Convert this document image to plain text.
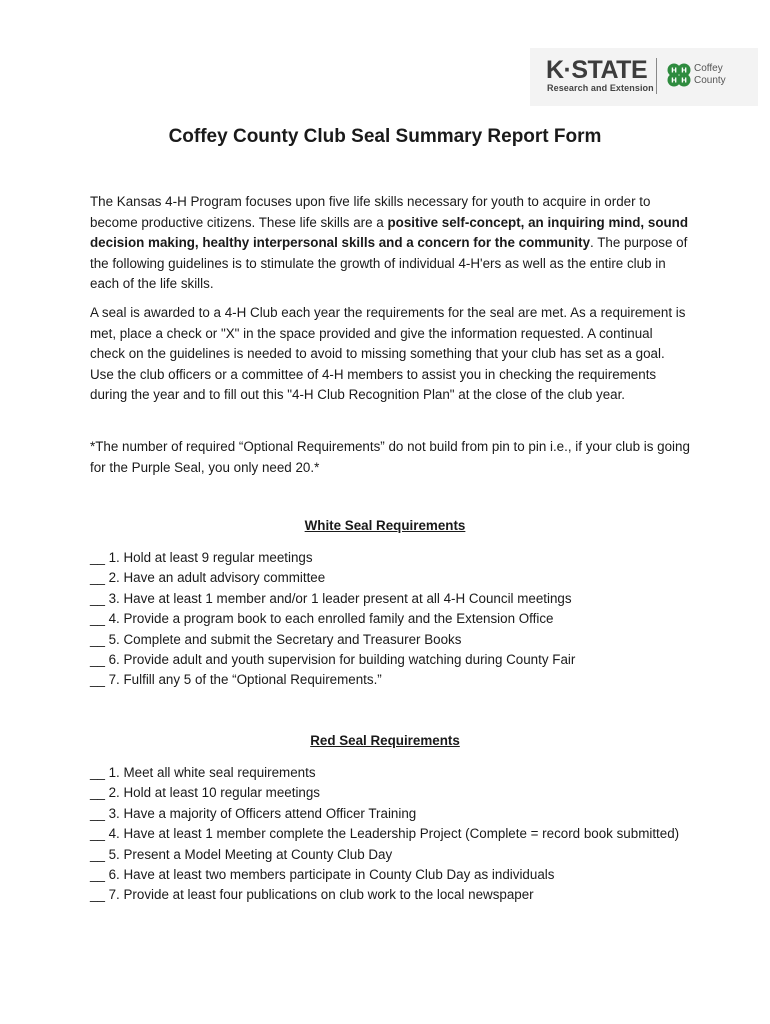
K·STATE
Research and Extension
H H
H H
Coffey
County
Coffey County Club Seal Summary Report Form

The Kansas 4-H Program focuses upon five life skills necessary for youth to acquire in order to become productive citizens. These life skills are a positive self-concept, an inquiring mind, sound decision making, healthy interpersonal skills and a concern for the community. The purpose of the following guidelines is to stimulate the growth of individual 4-H'ers as well as the entire club in each of the life skills.

A seal is awarded to a 4-H Club each year the requirements for the seal are met. As a requirement is met, place a check or "X" in the space provided and give the information requested. A continual check on the guidelines is needed to avoid to missing something that your club has set as a goal. Use the club officers or a committee of 4-H members to assist you in checking the requirements during the year and to fill out this "4-H Club Recognition Plan" at the close of the club year.

*The number of required “Optional Requirements” do not build from pin to pin i.e., if your club is going for the Purple Seal, you only need 20.*

White Seal Requirements
__ 1. Hold at least 9 regular meetings
__ 2. Have an adult advisory committee
__ 3. Have at least 1 member and/or 1 leader present at all 4-H Council meetings
__ 4. Provide a program book to each enrolled family and the Extension Office
__ 5. Complete and submit the Secretary and Treasurer Books
__ 6. Provide adult and youth supervision for building watching during County Fair
__ 7. Fulfill any 5 of the “Optional Requirements.”
Red Seal Requirements
__ 1. Meet all white seal requirements
__ 2. Hold at least 10 regular meetings
__ 3. Have a majority of Officers attend Officer Training
__ 4. Have at least 1 member complete the Leadership Project (Complete = record book submitted)
__ 5. Present a Model Meeting at County Club Day
__ 6. Have at least two members participate in County Club Day as individuals
__ 7. Provide at least four publications on club work to the local newspaper
